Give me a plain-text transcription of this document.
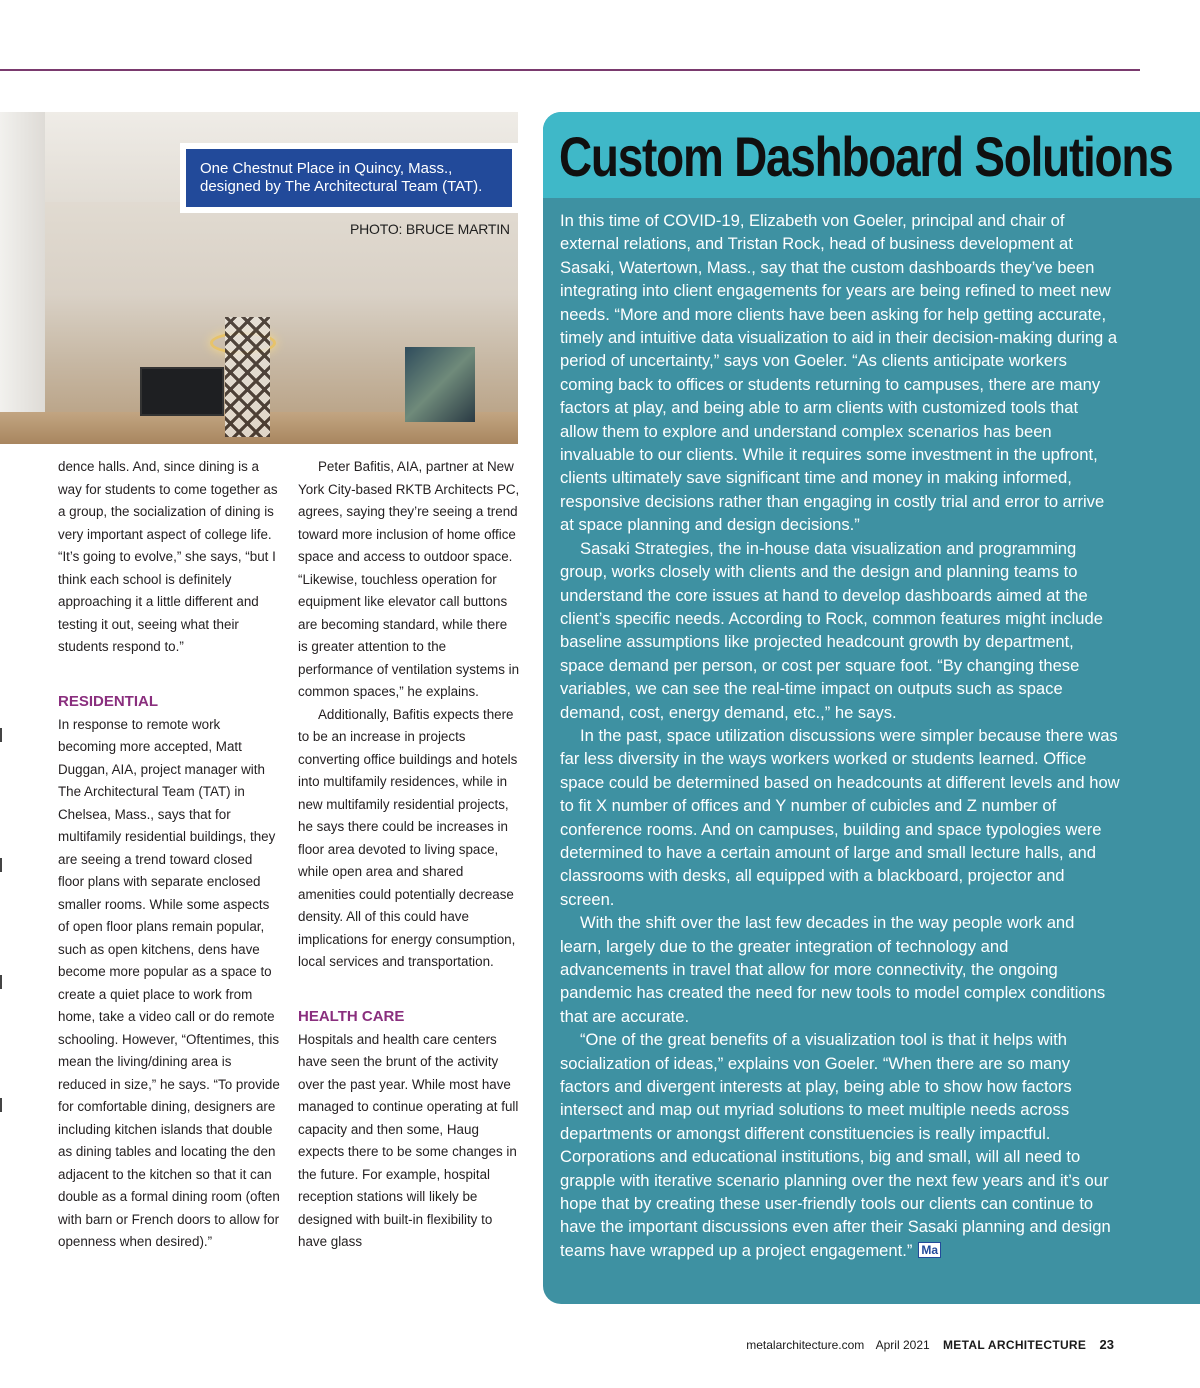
One Chestnut Place in Quincy, Mass.,
designed by The Architectural Team (TAT).
PHOTO: BRUCE MARTIN

dence halls. And, since dining is a way for students to come together as a group, the socialization of dining is very important aspect of college life. “It’s going to evolve,” she says, “but I think each school is definitely approaching it a little different and testing it out, seeing what their students respond to.”

RESIDENTIAL

In response to remote work becoming more accepted, Matt Duggan, AIA, project manager with The Architectural Team (TAT) in Chelsea, Mass., says that for multifamily residential buildings, they are seeing a trend toward closed floor plans with separate enclosed smaller rooms. While some aspects of open floor plans remain popular, such as open kitchens, dens have become more popular as a space to create a quiet place to work from home, take a video call or do remote schooling. However, “Oftentimes, this mean the living/dining area is reduced in size,” he says. “To provide for comfortable dining, designers are including kitchen islands that double as dining tables and locating the den adjacent to the kitchen so that it can double as a formal dining room (often with barn or French doors to allow for openness when desired).”

Peter Bafitis, AIA, partner at New York City-based RKTB Architects PC, agrees, saying they’re seeing a trend toward more inclusion of home office space and access to outdoor space. “Likewise, touchless operation for equipment like elevator call buttons are becoming standard, while there is greater attention to the performance of ventilation systems in common spaces,” he explains.

Additionally, Bafitis expects there to be an increase in projects converting office buildings and hotels into multifamily residences, while in new multifamily residential projects, he says there could be increases in floor area devoted to living space, while open area and shared amenities could potentially decrease density. All of this could have implications for energy consumption, local services and transportation.

HEALTH CARE

Hospitals and health care centers have seen the brunt of the activity over the past year. While most have managed to continue operating at full capacity and then some, Haug expects there to be some changes in the future. For example, hospital reception stations will likely be designed with built-in flexibility to have glass

Custom Dashboard Solutions

In this time of COVID-19, Elizabeth von Goeler, principal and chair of external relations, and Tristan Rock, head of business development at Sasaki, Watertown, Mass., say that the custom dashboards they’ve been integrating into client engagements for years are being refined to meet new needs. “More and more clients have been asking for help getting accurate, timely and intuitive data visualization to aid in their decision-making during a period of uncertainty,” says von Goeler. “As clients anticipate workers coming back to offices or students returning to campuses, there are many factors at play, and being able to arm clients with customized tools that allow them to explore and understand complex scenarios has been invaluable to our clients. While it requires some investment in the upfront, clients ultimately save significant time and money in making informed, responsive decisions rather than engaging in costly trial and error to arrive at space planning and design decisions.”

Sasaki Strategies, the in-house data visualization and programming group, works closely with clients and the design and planning teams to understand the core issues at hand to develop dashboards aimed at the client’s specific needs. According to Rock, common features might include baseline assumptions like projected headcount growth by department, space demand per person, or cost per square foot. “By changing these variables, we can see the real-time impact on outputs such as space demand, cost, energy demand, etc.,” he says.

In the past, space utilization discussions were simpler because there was far less diversity in the ways workers worked or students learned. Office space could be determined based on headcounts at different levels and how to fit X number of offices and Y number of cubicles and Z number of conference rooms. And on campuses, building and space typologies were determined to have a certain amount of large and small lecture halls, and classrooms with desks, all equipped with a blackboard, projector and screen.

With the shift over the last few decades in the way people work and learn, largely due to the greater integration of technology and advancements in travel that allow for more connectivity, the ongoing pandemic has created the need for new tools to model complex conditions that are accurate.

“One of the great benefits of a visualization tool is that it helps with socialization of ideas,” explains von Goeler. “When there are so many factors and divergent interests at play, being able to show how factors intersect and map out myriad solutions to meet multiple needs across departments or amongst different constituencies is really impactful. Corporations and educational institutions, big and small, will all need to grapple with iterative scenario planning over the next few years and it’s our hope that by creating these user-friendly tools our clients can continue to have the important discussions even after their Sasaki planning and design teams have wrapped up a project engagement.” Ma

metalarchitecture.com April 2021 METAL ARCHITECTURE 23
